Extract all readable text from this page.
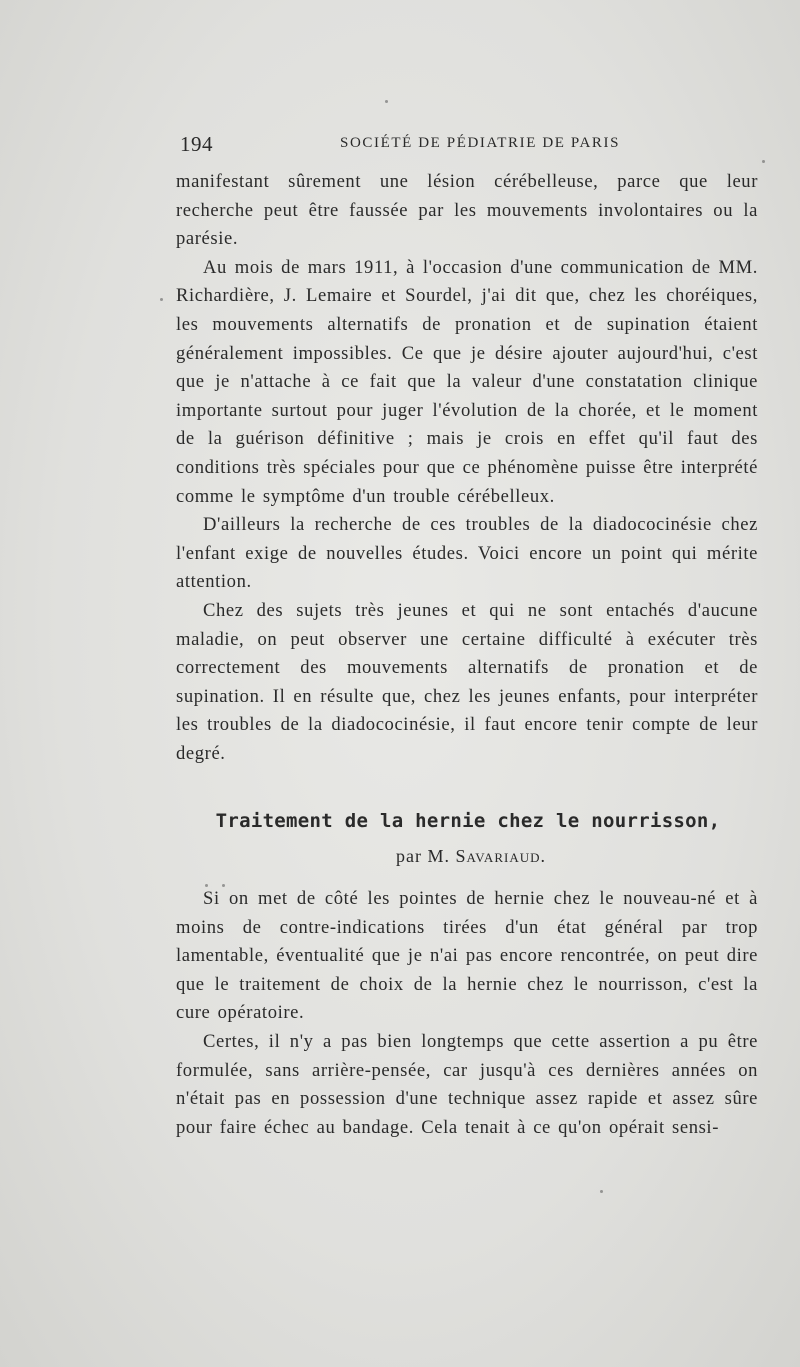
194	SOCIÉTÉ DE PÉDIATRIE DE PARIS

manifestant sûrement une lésion cérébelleuse, parce que leur recherche peut être faussée par les mouvements involontaires ou la parésie.

Au mois de mars 1911, à l'occasion d'une communication de MM. Richardière, J. Lemaire et Sourdel, j'ai dit que, chez les choréiques, les mouvements alternatifs de pronation et de supination étaient généralement impossibles. Ce que je désire ajouter aujourd'hui, c'est que je n'attache à ce fait que la valeur d'une constatation clinique importante surtout pour juger l'évolution de la chorée, et le moment de la guérison définitive ; mais je crois en effet qu'il faut des conditions très spéciales pour que ce phénomène puisse être interprété comme le symptôme d'un trouble cérébelleux.

D'ailleurs la recherche de ces troubles de la diadococinésie chez l'enfant exige de nouvelles études. Voici encore un point qui mérite attention.

Chez des sujets très jeunes et qui ne sont entachés d'aucune maladie, on peut observer une certaine difficulté à exécuter très correctement des mouvements alternatifs de pronation et de supination. Il en résulte que, chez les jeunes enfants, pour interpréter les troubles de la diadococinésie, il faut encore tenir compte de leur degré.

Traitement de la hernie chez le nourrisson,
par M. Savariaud.

Si on met de côté les pointes de hernie chez le nouveau-né et à moins de contre-indications tirées d'un état général par trop lamentable, éventualité que je n'ai pas encore rencontrée, on peut dire que le traitement de choix de la hernie chez le nourrisson, c'est la cure opératoire.

Certes, il n'y a pas bien longtemps que cette assertion a pu être formulée, sans arrière-pensée, car jusqu'à ces dernières années on n'était pas en possession d'une technique assez rapide et assez sûre pour faire échec au bandage. Cela tenait à ce qu'on opérait sensi-
